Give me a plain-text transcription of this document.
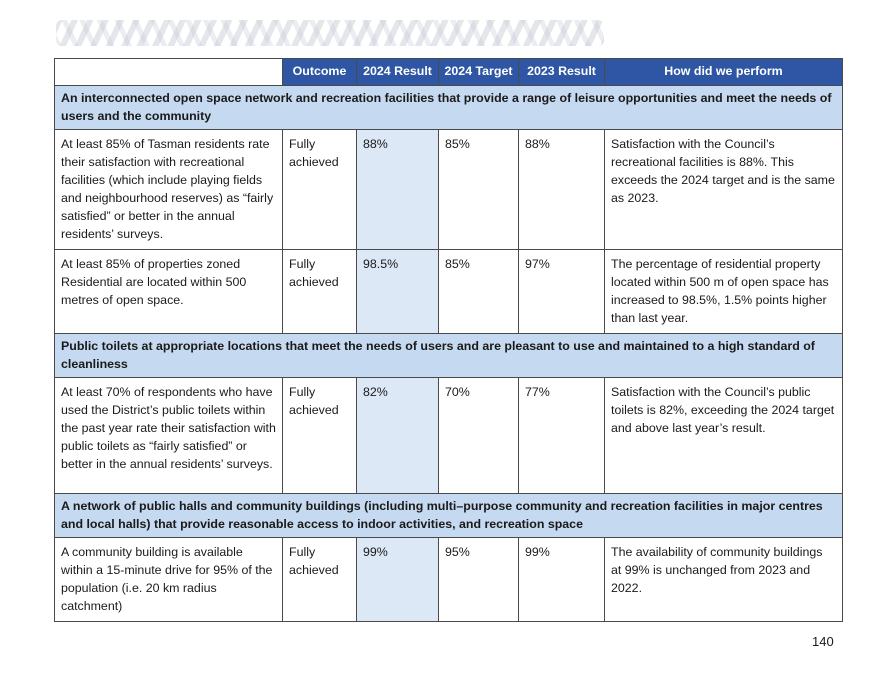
	Outcome	2024 Result	2024 Target	2023 Result	How did we perform
An interconnected open space network and recreation facilities that provide a range of leisure opportunities and meet the needs of users and the community					
At least 85% of Tasman residents rate their satisfaction with recreational facilities (which include playing fields and neighbourhood reserves) as “fairly satisfied” or better in the annual residents’ surveys.	Fully achieved	88%	85%	88%	Satisfaction with the Council’s recreational facilities is 88%. This exceeds the 2024 target and is the same as 2023.
At least 85% of properties zoned Residential are located within 500 metres of open space.	Fully achieved	98.5%	85%	97%	The percentage of residential property located within 500 m of open space has increased to 98.5%, 1.5% points higher than last year.
Public toilets at appropriate locations that meet the needs of users and are pleasant to use and maintained to a high standard of cleanliness					
At least 70% of respondents who have used the District’s public toilets within the past year rate their satisfaction with public toilets as “fairly satisfied” or better in the annual residents’ surveys.	Fully achieved	82%	70%	77%	Satisfaction with the Council’s public toilets is 82%, exceeding the 2024 target and above last year’s result.
A network of public halls and community buildings (including multi–purpose community and recreation facilities in major centres and local halls) that provide reasonable access to indoor activities, and recreation space					
A community building is available within a 15-minute drive for 95% of the population (i.e. 20 km radius catchment)	Fully achieved	99%	95%	99%	The availability of community buildings at 99% is unchanged from 2023 and 2022.
140
